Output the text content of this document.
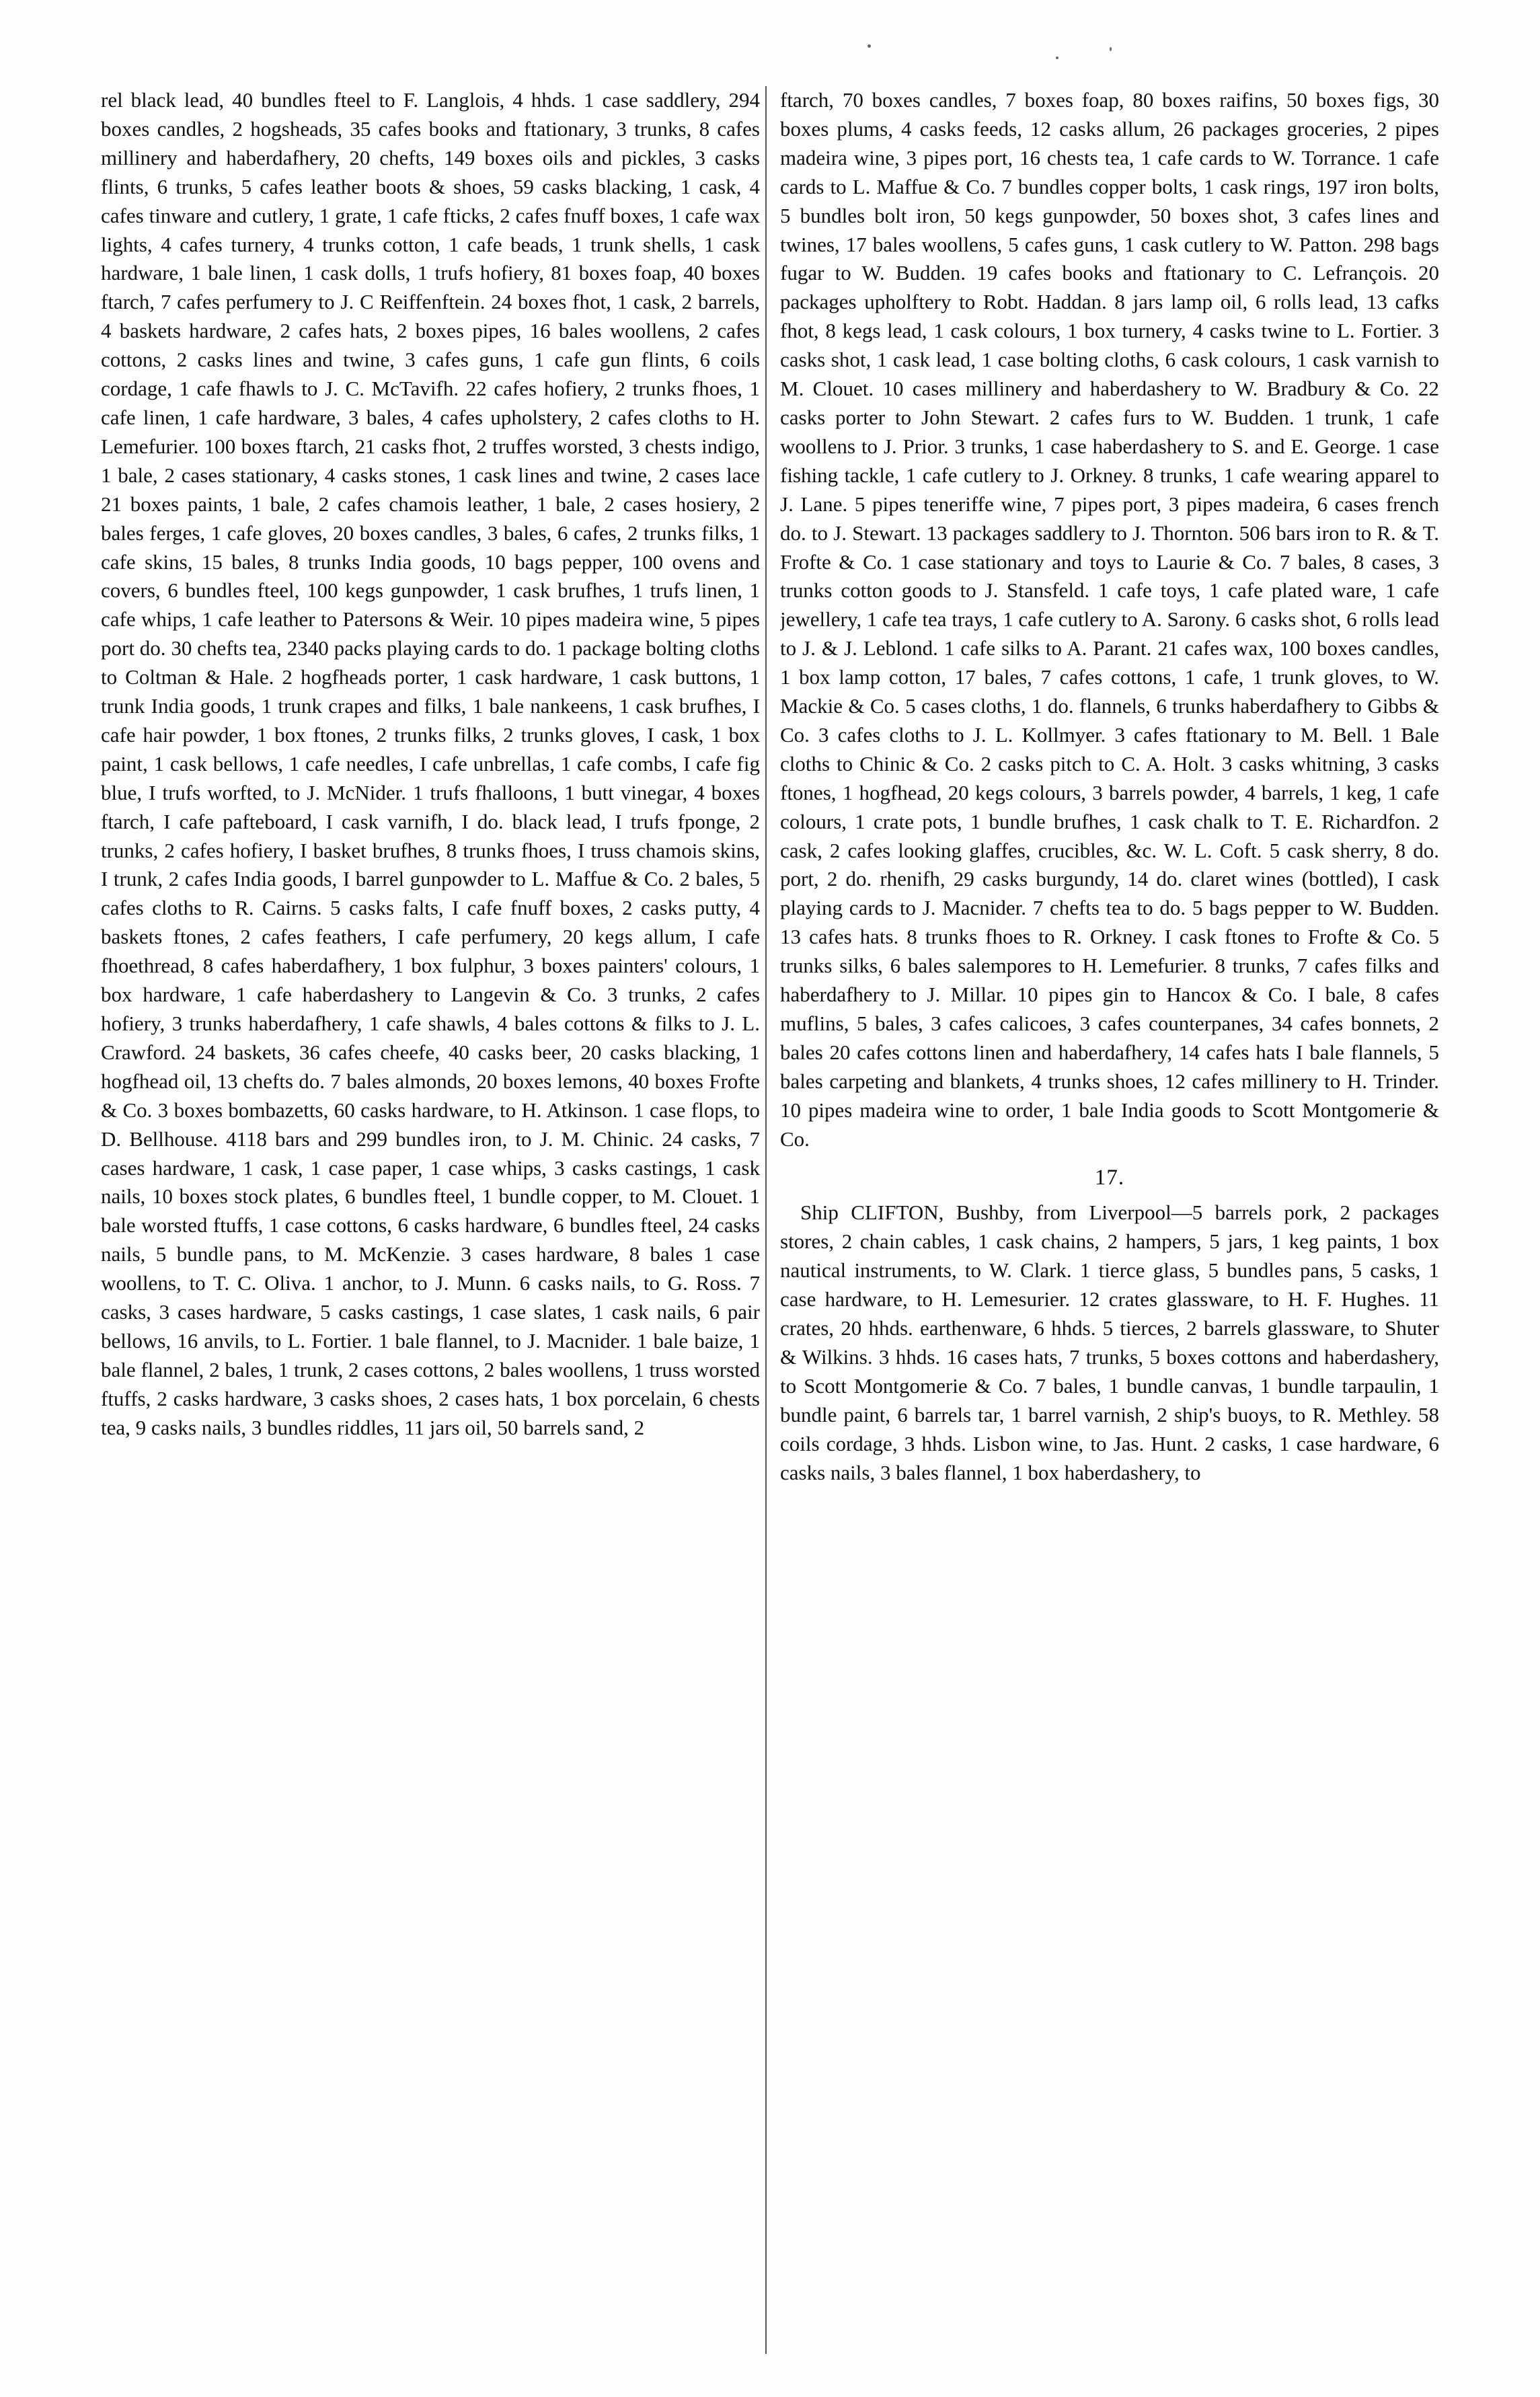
rel black lead, 40 bundles fteel to F. Langlois, 4 hhds. 1 case saddlery, 294 boxes candles, 2 hogsheads, 35 cafes books and ftationary, 3 trunks, 8 cafes millinery and haberdafhery, 20 chefts, 149 boxes oils and pickles, 3 casks flints, 6 trunks, 5 cafes leather boots & shoes, 59 casks blacking, 1 cask, 4 cafes tinware and cutlery, 1 grate, 1 cafe fticks, 2 cafes fnuff boxes, 1 cafe wax lights, 4 cafes turnery, 4 trunks cotton, 1 cafe beads, 1 trunk shells, 1 cask hardware, 1 bale linen, 1 cask dolls, 1 trufs hofiery, 81 boxes foap, 40 boxes ftarch, 7 cafes perfumery to J. C Reiffenftein. 24 boxes fhot, 1 cask, 2 barrels, 4 baskets hardware, 2 cafes hats, 2 boxes pipes, 16 bales woollens, 2 cafes cottons, 2 casks lines and twine, 3 cafes guns, 1 cafe gun flints, 6 coils cordage, 1 cafe fhawls to J. C. McTavifh. 22 cafes hofiery, 2 trunks fhoes, 1 cafe linen, 1 cafe hardware, 3 bales, 4 cafes upholstery, 2 cafes cloths to H. Lemefurier. 100 boxes ftarch, 21 casks fhot, 2 truffes worsted, 3 chests indigo, 1 bale, 2 cases stationary, 4 casks stones, 1 cask lines and twine, 2 cases lace 21 boxes paints, 1 bale, 2 cafes chamois leather, 1 bale, 2 cases hosiery, 2 bales ferges, 1 cafe gloves, 20 boxes candles, 3 bales, 6 cafes, 2 trunks filks, 1 cafe skins, 15 bales, 8 trunks India goods, 10 bags pepper, 100 ovens and covers, 6 bundles fteel, 100 kegs gunpowder, 1 cask brufhes, 1 trufs linen, 1 cafe whips, 1 cafe leather to Patersons & Weir. 10 pipes madeira wine, 5 pipes port do. 30 chefts tea, 2340 packs playing cards to do. 1 package bolting cloths to Coltman & Hale. 2 hogfheads porter, 1 cask hardware, 1 cask buttons, 1 trunk India goods, 1 trunk crapes and filks, 1 bale nankeens, 1 cask brufhes, I cafe hair powder, 1 box ftones, 2 trunks filks, 2 trunks gloves, I cask, 1 box paint, 1 cask bellows, 1 cafe needles, I cafe unbrellas, 1 cafe combs, I cafe fig blue, I trufs worfted, to J. McNider. 1 trufs fhalloons, 1 butt vinegar, 4 boxes ftarch, I cafe pafteboard, I cask varnifh, I do. black lead, I trufs fponge, 2 trunks, 2 cafes hofiery, I basket brufhes, 8 trunks fhoes, I truss chamois skins, I trunk, 2 cafes India goods, I barrel gunpowder to L. Maffue & Co. 2 bales, 5 cafes cloths to R. Cairns. 5 casks falts, I cafe fnuff boxes, 2 casks putty, 4 baskets ftones, 2 cafes feathers, I cafe perfumery, 20 kegs allum, I cafe fhoethread, 8 cafes haberdafhery, 1 box fulphur, 3 boxes painters' colours, 1 box hardware, 1 cafe haberdashery to Langevin & Co. 3 trunks, 2 cafes hofiery, 3 trunks haberdafhery, 1 cafe shawls, 4 bales cottons & filks to J. L. Crawford. 24 baskets, 36 cafes cheefe, 40 casks beer, 20 casks blacking, 1 hogfhead oil, 13 chefts do. 7 bales almonds, 20 boxes lemons, 40 boxes Frofte & Co. 3 boxes bombazetts, 60 casks hardware, to H. Atkinson. 1 case flops, to D. Bellhouse. 4118 bars and 299 bundles iron, to J. M. Chinic. 24 casks, 7 cases hardware, 1 cask, 1 case paper, 1 case whips, 3 casks castings, 1 cask nails, 10 boxes stock plates, 6 bundles fteel, 1 bundle copper, to M. Clouet. 1 bale worsted ftuffs, 1 case cottons, 6 casks hardware, 6 bundles fteel, 24 casks nails, 5 bundle pans, to M. McKenzie. 3 cases hardware, 8 bales 1 case woollens, to T. C. Oliva. 1 anchor, to J. Munn. 6 casks nails, to G. Ross. 7 casks, 3 cases hardware, 5 casks castings, 1 case slates, 1 cask nails, 6 pair bellows, 16 anvils, to L. Fortier. 1 bale flannel, to J. Macnider. 1 bale baize, 1 bale flannel, 2 bales, 1 trunk, 2 cases cottons, 2 bales woollens, 1 truss worsted ftuffs, 2 casks hardware, 3 casks shoes, 2 cases hats, 1 box porcelain, 6 chests tea, 9 casks nails, 3 bundles riddles, 11 jars oil, 50 barrels sand, 2

ftarch, 70 boxes candles, 7 boxes foap, 80 boxes raifins, 50 boxes figs, 30 boxes plums, 4 casks feeds, 12 casks allum, 26 packages groceries, 2 pipes madeira wine, 3 pipes port, 16 chests tea, 1 cafe cards to W. Torrance. 1 cafe cards to L. Maffue & Co. 7 bundles copper bolts, 1 cask rings, 197 iron bolts, 5 bundles bolt iron, 50 kegs gunpowder, 50 boxes shot, 3 cafes lines and twines, 17 bales woollens, 5 cafes guns, 1 cask cutlery to W. Patton. 298 bags fugar to W. Budden. 19 cafes books and ftationary to C. Lefrançois. 20 packages upholftery to Robt. Haddan. 8 jars lamp oil, 6 rolls lead, 13 cafks fhot, 8 kegs lead, 1 cask colours, 1 box turnery, 4 casks twine to L. Fortier. 3 casks shot, 1 cask lead, 1 case bolting cloths, 6 cask colours, 1 cask varnish to M. Clouet. 10 cases millinery and haberdashery to W. Bradbury & Co. 22 casks porter to John Stewart. 2 cafes furs to W. Budden. 1 trunk, 1 cafe woollens to J. Prior. 3 trunks, 1 case haberdashery to S. and E. George. 1 case fishing tackle, 1 cafe cutlery to J. Orkney. 8 trunks, 1 cafe wearing apparel to J. Lane. 5 pipes teneriffe wine, 7 pipes port, 3 pipes madeira, 6 cases french do. to J. Stewart. 13 packages saddlery to J. Thornton. 506 bars iron to R. & T. Frofte & Co. 1 case stationary and toys to Laurie & Co. 7 bales, 8 cases, 3 trunks cotton goods to J. Stansfeld. 1 cafe toys, 1 cafe plated ware, 1 cafe jewellery, 1 cafe tea trays, 1 cafe cutlery to A. Sarony. 6 casks shot, 6 rolls lead to J. & J. Leblond. 1 cafe silks to A. Parant. 21 cafes wax, 100 boxes candles, 1 box lamp cotton, 17 bales, 7 cafes cottons, 1 cafe, 1 trunk gloves, to W. Mackie & Co. 5 cases cloths, 1 do. flannels, 6 trunks haberdafhery to Gibbs & Co. 3 cafes cloths to J. L. Kollmyer. 3 cafes ftationary to M. Bell. 1 Bale cloths to Chinic & Co. 2 casks pitch to C. A. Holt. 3 casks whitning, 3 casks ftones, 1 hogfhead, 20 kegs colours, 3 barrels powder, 4 barrels, 1 keg, 1 cafe colours, 1 crate pots, 1 bundle brufhes, 1 cask chalk to T. E. Richardfon. 2 cask, 2 cafes looking glaffes, crucibles, &c. W. L. Coft. 5 cask sherry, 8 do. port, 2 do. rhenifh, 29 casks burgundy, 14 do. claret wines (bottled), I cask playing cards to J. Macnider. 7 chefts tea to do. 5 bags pepper to W. Budden. 13 cafes hats. 8 trunks fhoes to R. Orkney. I cask ftones to Frofte & Co. 5 trunks silks, 6 bales salempores to H. Lemefurier. 8 trunks, 7 cafes filks and haberdafhery to J. Millar. 10 pipes gin to Hancox & Co. I bale, 8 cafes muflins, 5 bales, 3 cafes calicoes, 3 cafes counterpanes, 34 cafes bonnets, 2 bales 20 cafes cottons linen and haberdafhery, 14 cafes hats I bale flannels, 5 bales carpeting and blankets, 4 trunks shoes, 12 cafes millinery to H. Trinder. 10 pipes madeira wine to order, 1 bale India goods to Scott Montgomerie & Co.

17.

Ship CLIFTON, Bushby, from Liverpool—5 barrels pork, 2 packages stores, 2 chain cables, 1 cask chains, 2 hampers, 5 jars, 1 keg paints, 1 box nautical instruments, to W. Clark. 1 tierce glass, 5 bundles pans, 5 casks, 1 case hardware, to H. Lemesurier. 12 crates glassware, to H. F. Hughes. 11 crates, 20 hhds. earthenware, 6 hhds. 5 tierces, 2 barrels glassware, to Shuter & Wilkins. 3 hhds. 16 cases hats, 7 trunks, 5 boxes cottons and haberdashery, to Scott Montgomerie & Co. 7 bales, 1 bundle canvas, 1 bundle tarpaulin, 1 bundle paint, 6 barrels tar, 1 barrel varnish, 2 ship's buoys, to R. Methley. 58 coils cordage, 3 hhds. Lisbon wine, to Jas. Hunt. 2 casks, 1 case hardware, 6 casks nails, 3 bales flannel, 1 box haberdashery, to
